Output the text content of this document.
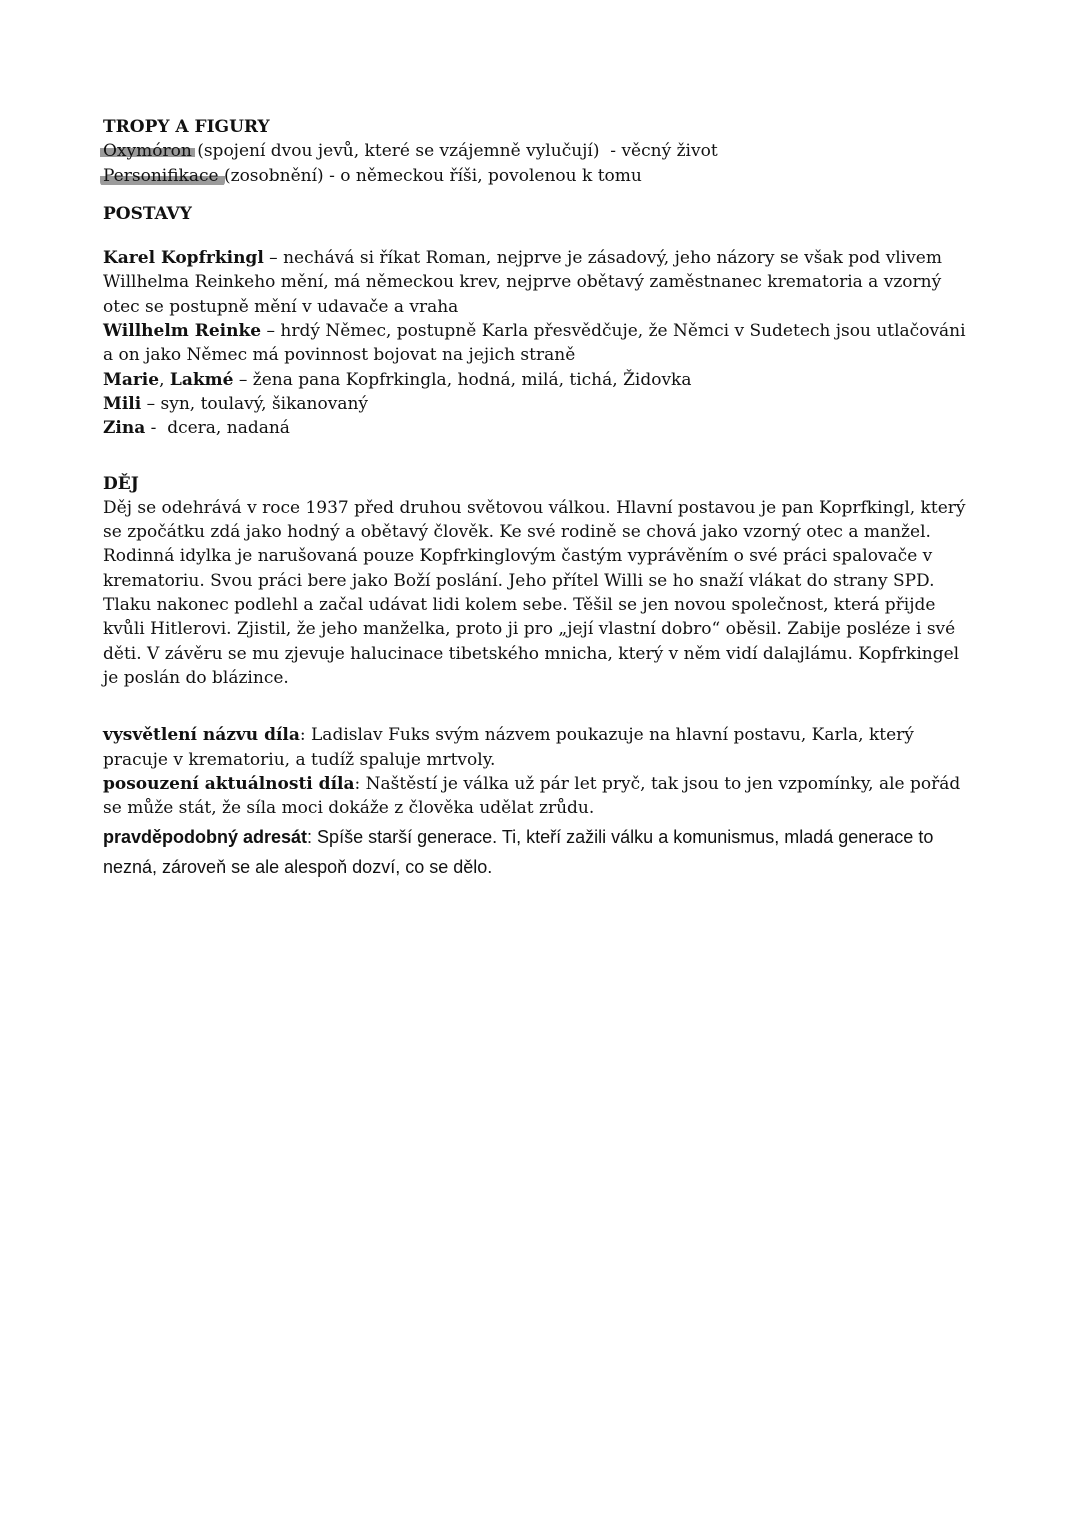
TROPY A FIGURY

Oxymóron (spojení dvou jevů, které se vzájemně vylučují)  - věcný život

Personifikace (zosobnění) - o německou říši, povolenou k tomu

POSTAVY

Karel Kopfrkingl – nechává si říkat Roman, nejprve je zásadový, jeho názory se však pod vlivem Willhelma Reinkeho mění, má německou krev, nejprve obětavý zaměstnanec krematoria a vzorný otec se postupně mění v udavače a vraha

Willhelm Reinke – hrdý Němec, postupně Karla přesvědčuje, že Němci v Sudetech jsou utlačováni a on jako Němec má povinnost bojovat na jejich straně

Marie, Lakmé – žena pana Kopfrkingla, hodná, milá, tichá, Židovka

Mili – syn, toulavý, šikanovaný

Zina -  dcera, nadaná

DĚJ

Děj se odehrává v roce 1937 před druhou světovou válkou. Hlavní postavou je pan Koprfkingl, který se zpočátku zdá jako hodný a obětavý člověk. Ke své rodině se chová jako vzorný otec a manžel. Rodinná idylka je narušovaná pouze Kopfrkinglovým častým vyprávěním o své práci spalovače v krematoriu. Svou práci bere jako Boží poslání. Jeho přítel Willi se ho snaží vlákat do strany SPD. Tlaku nakonec podlehl a začal udávat lidi kolem sebe. Těšil se jen novou společnost, která přijde kvůli Hitlerovi. Zjistil, že jeho manželka, proto ji pro „její vlastní dobro“ oběsil. Zabije posléze i své děti. V závěru se mu zjevuje halucinace tibetského mnicha, který v něm vidí dalajlámu. Kopfrkingel je poslán do blázince.

vysvětlení názvu díla: Ladislav Fuks svým názvem poukazuje na hlavní postavu, Karla, který pracuje v krematoriu, a tudíž spaluje mrtvoly.

posouzení aktuálnosti díla: Naštěstí je válka už pár let pryč, tak jsou to jen vzpomínky, ale pořád se může stát, že síla moci dokáže z člověka udělat zrůdu.

pravděpodobný adresát: Spíše starší generace. Ti, kteří zažili válku a komunismus, mladá generace to nezná, zároveň se ale alespoň dozví, co se dělo.
